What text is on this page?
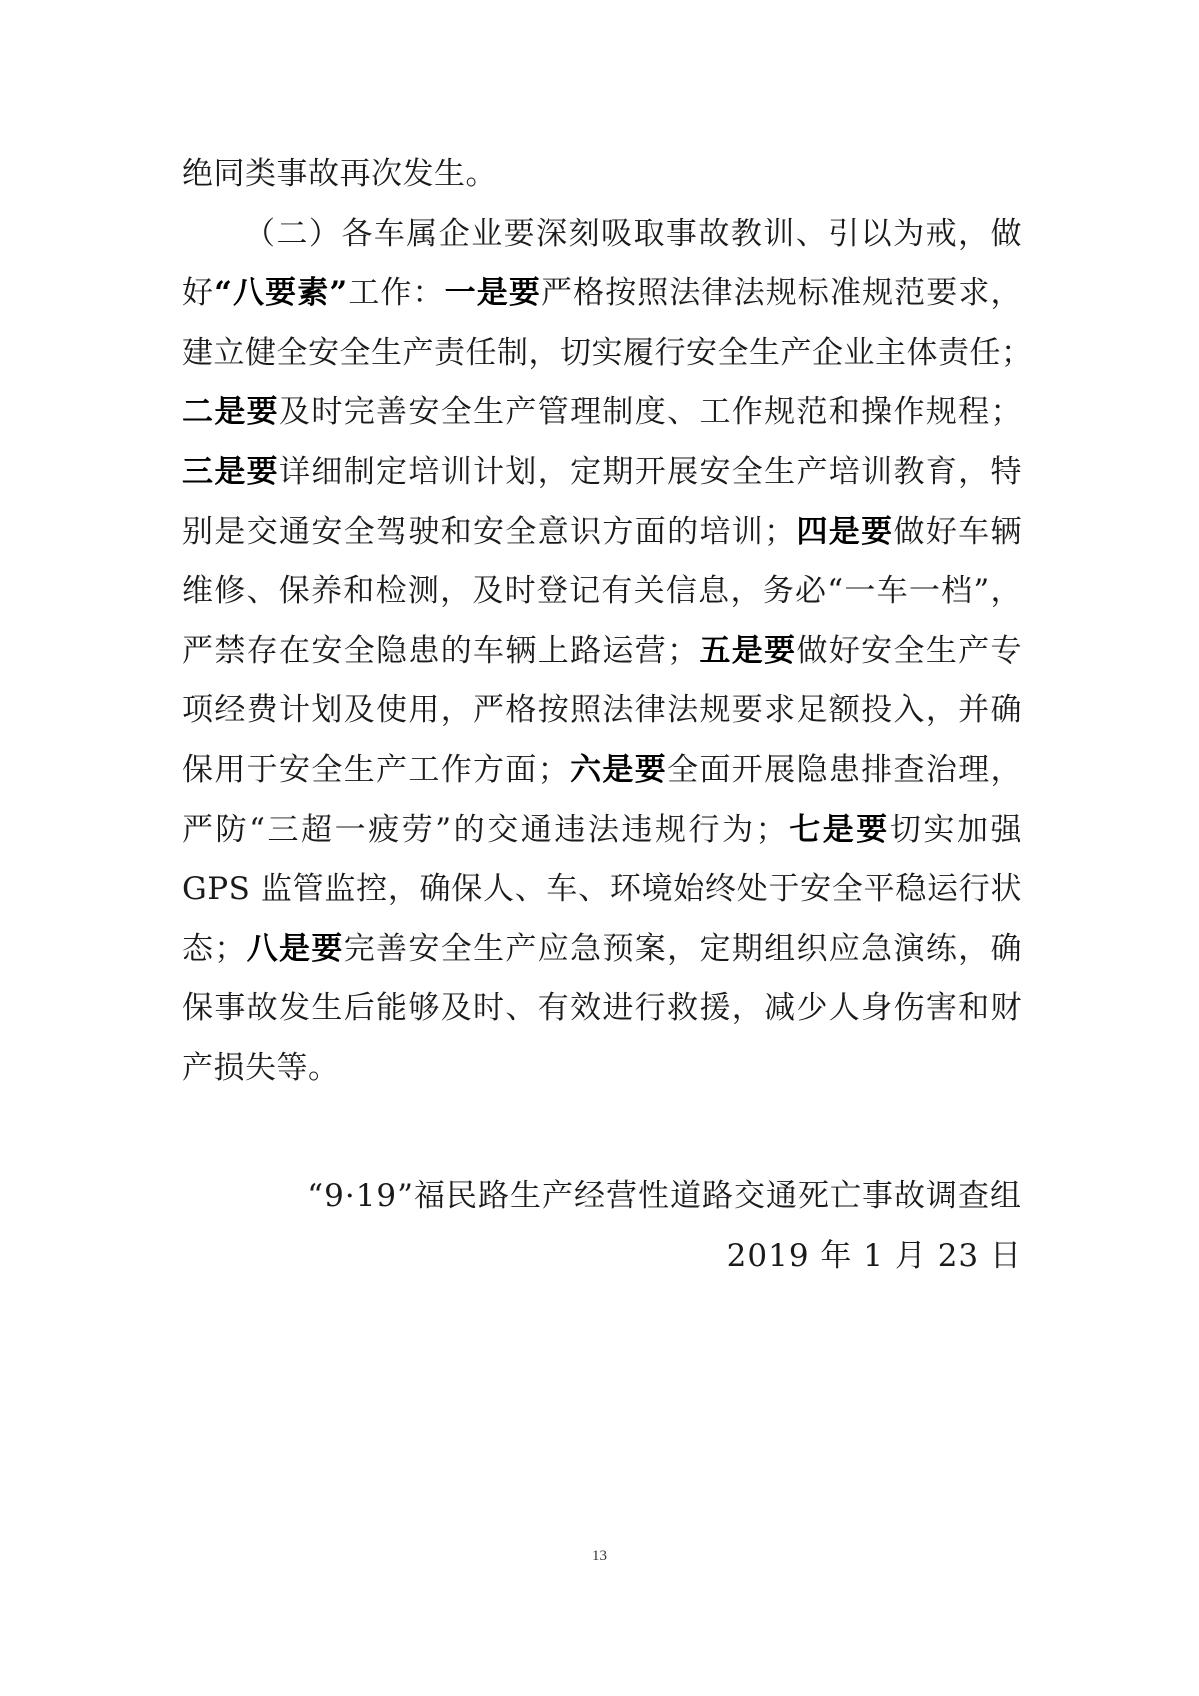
绝同类事故再次发生。
（二）各车属企业要深刻吸取事故教训、引以为戒，做
好“八要素”工作：一是要严格按照法律法规标准规范要求，
建立健全安全生产责任制，切实履行安全生产企业主体责任；
二是要及时完善安全生产管理制度、工作规范和操作规程；
三是要详细制定培训计划，定期开展安全生产培训教育，特
别是交通安全驾驶和安全意识方面的培训；四是要做好车辆
维修、保养和检测，及时登记有关信息，务必“一车一档”，
严禁存在安全隐患的车辆上路运营；五是要做好安全生产专
项经费计划及使用，严格按照法律法规要求足额投入，并确
保用于安全生产工作方面；六是要全面开展隐患排查治理，
严防“三超一疲劳”的交通违法违规行为；七是要切实加强
GPS 监管监控，确保人、车、环境始终处于安全平稳运行状
态；八是要完善安全生产应急预案，定期组织应急演练，确
保事故发生后能够及时、有效进行救援，减少人身伤害和财
产损失等。
“9·19”福民路生产经营性道路交通死亡事故调查组
2019 年 1 月 23 日
13
